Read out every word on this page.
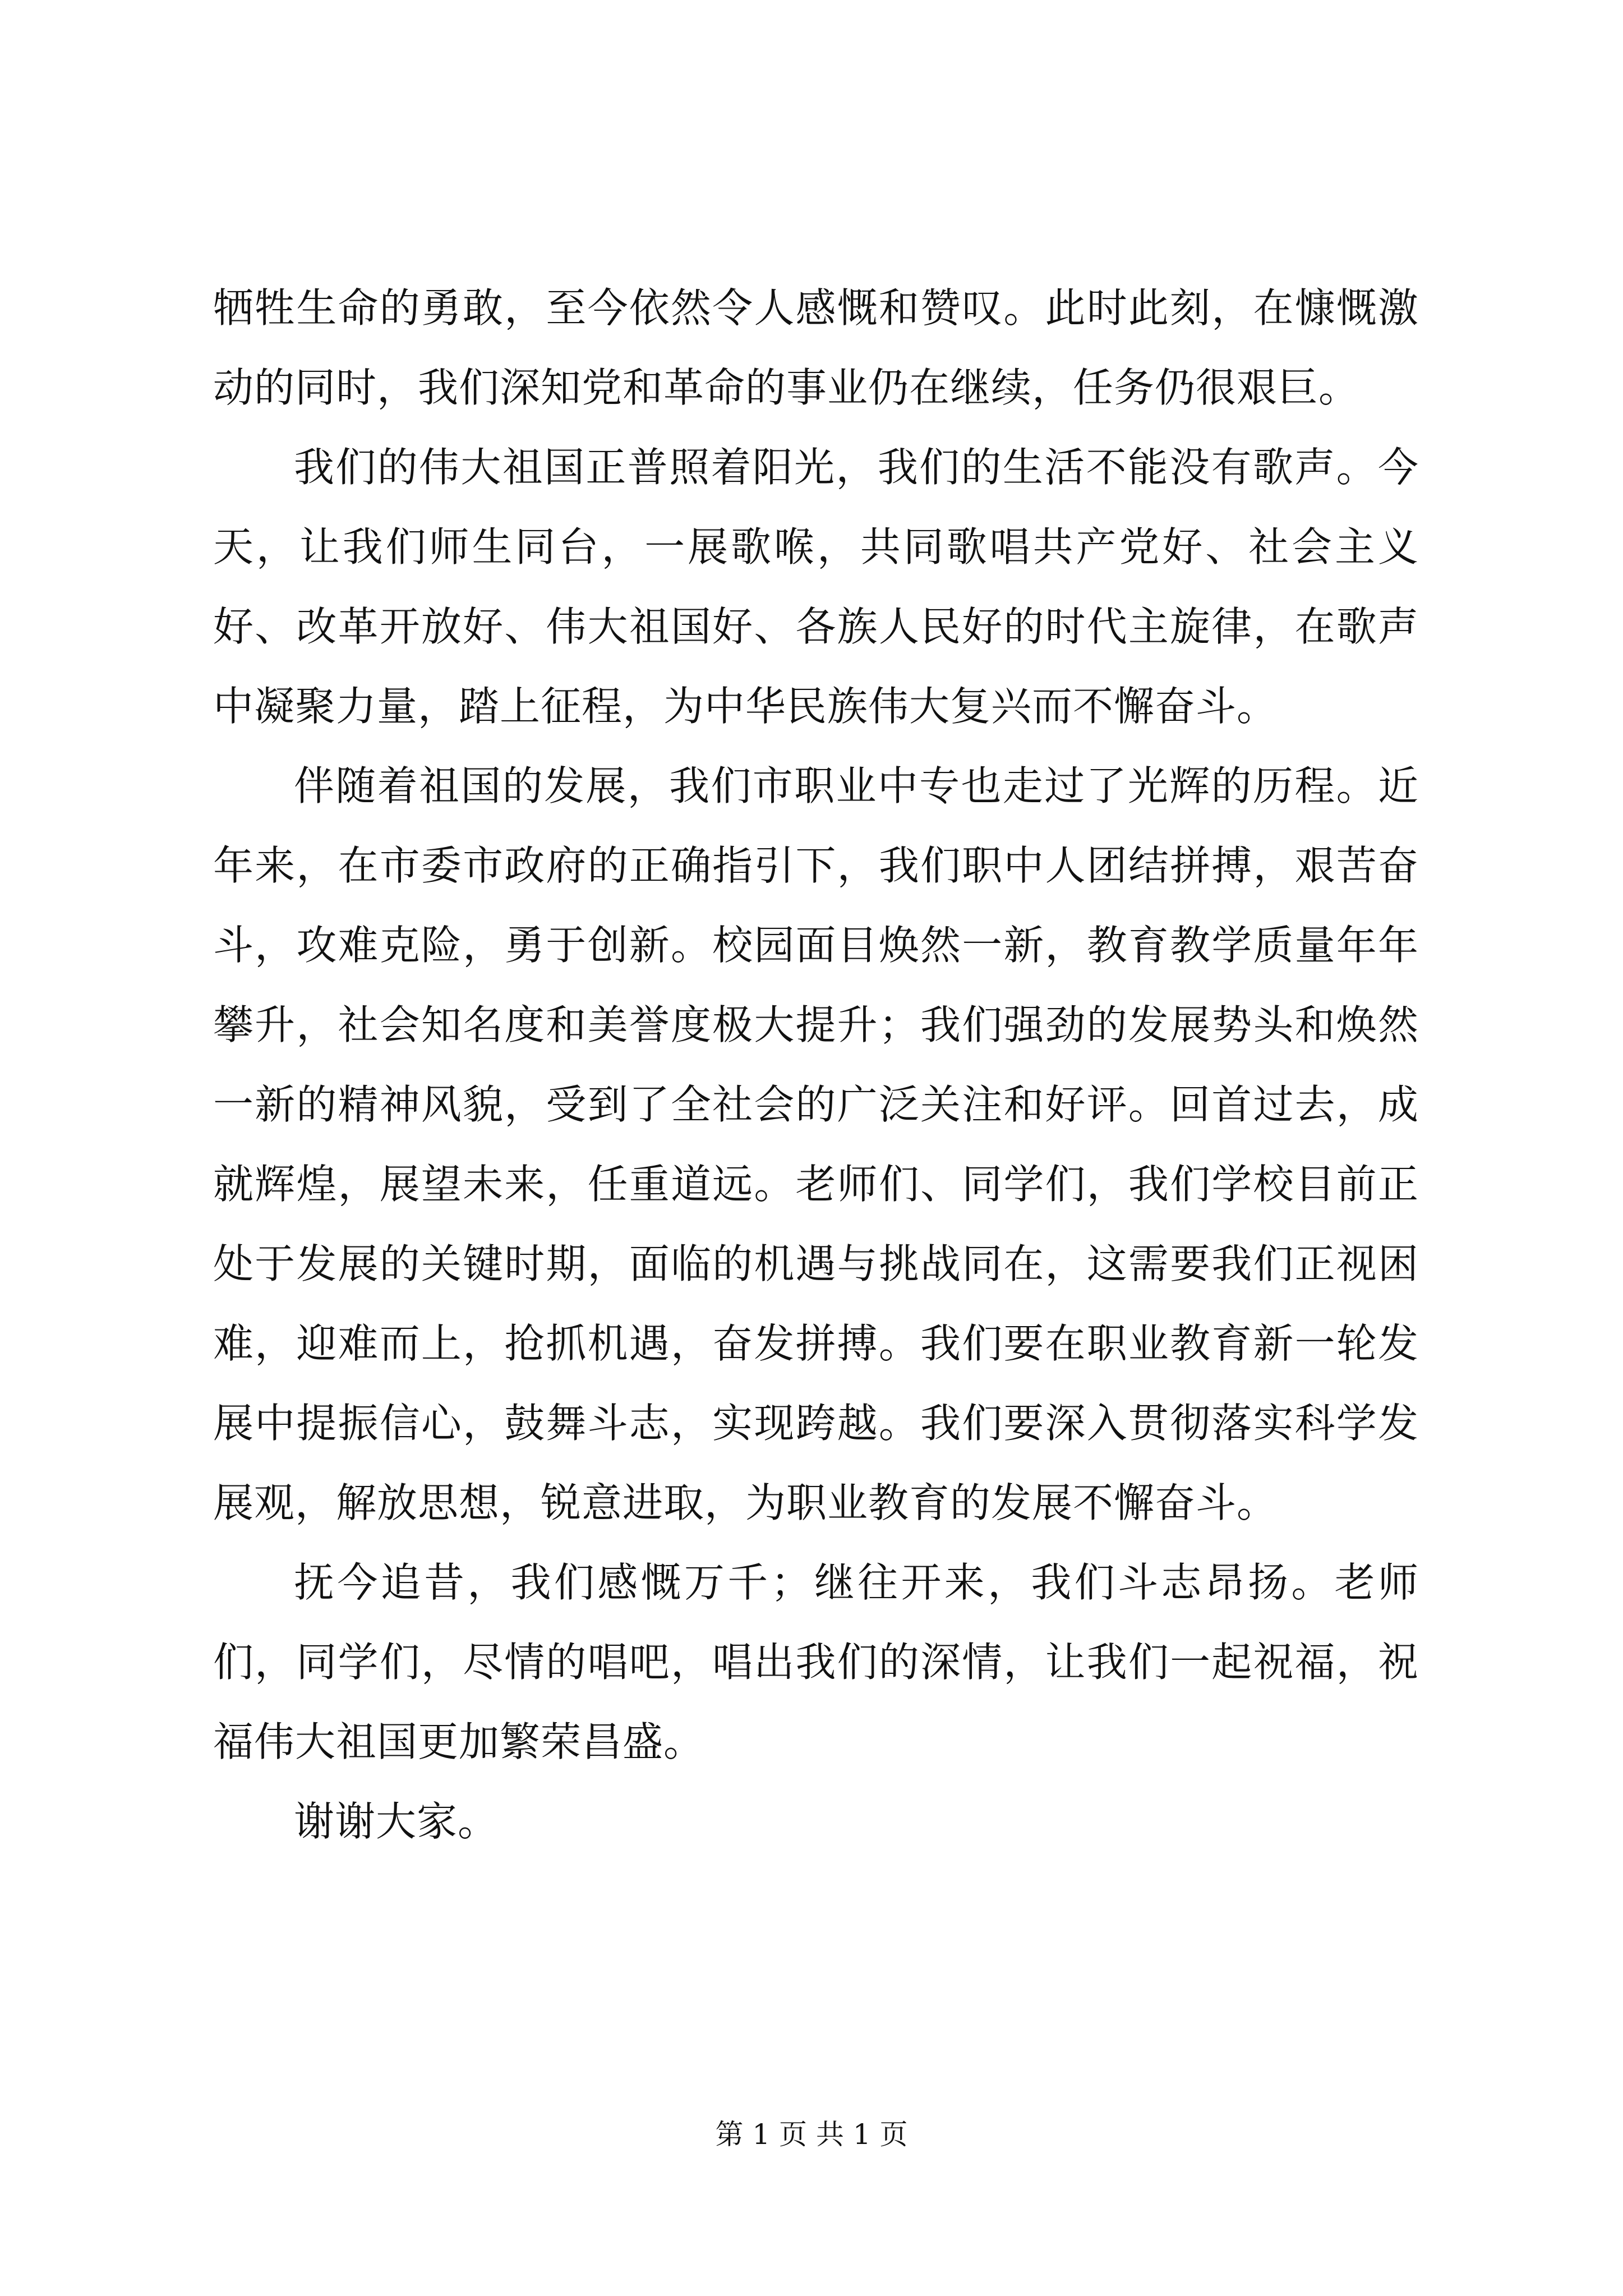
牺牲生命的勇敢，至今依然令人感慨和赞叹。此时此刻，在慷慨激动的同时，我们深知党和革命的事业仍在继续，任务仍很艰巨。

我们的伟大祖国正普照着阳光，我们的生活不能没有歌声。今天，让我们师生同台，一展歌喉，共同歌唱共产党好、社会主义好、改革开放好、伟大祖国好、各族人民好的时代主旋律，在歌声中凝聚力量，踏上征程，为中华民族伟大复兴而不懈奋斗。

伴随着祖国的发展，我们市职业中专也走过了光辉的历程。近年来，在市委市政府的正确指引下，我们职中人团结拼搏，艰苦奋斗，攻难克险，勇于创新。校园面目焕然一新，教育教学质量年年攀升，社会知名度和美誉度极大提升；我们强劲的发展势头和焕然一新的精神风貌，受到了全社会的广泛关注和好评。回首过去，成就辉煌，展望未来，任重道远。老师们、同学们，我们学校目前正处于发展的关键时期，面临的机遇与挑战同在，这需要我们正视困难，迎难而上，抢抓机遇，奋发拼搏。我们要在职业教育新一轮发展中提振信心，鼓舞斗志，实现跨越。我们要深入贯彻落实科学发展观，解放思想，锐意进取，为职业教育的发展不懈奋斗。

抚今追昔，我们感慨万千；继往开来，我们斗志昂扬。老师们，同学们，尽情的唱吧，唱出我们的深情，让我们一起祝福，祝福伟大祖国更加繁荣昌盛。

谢谢大家。

第 1 页 共 1 页
